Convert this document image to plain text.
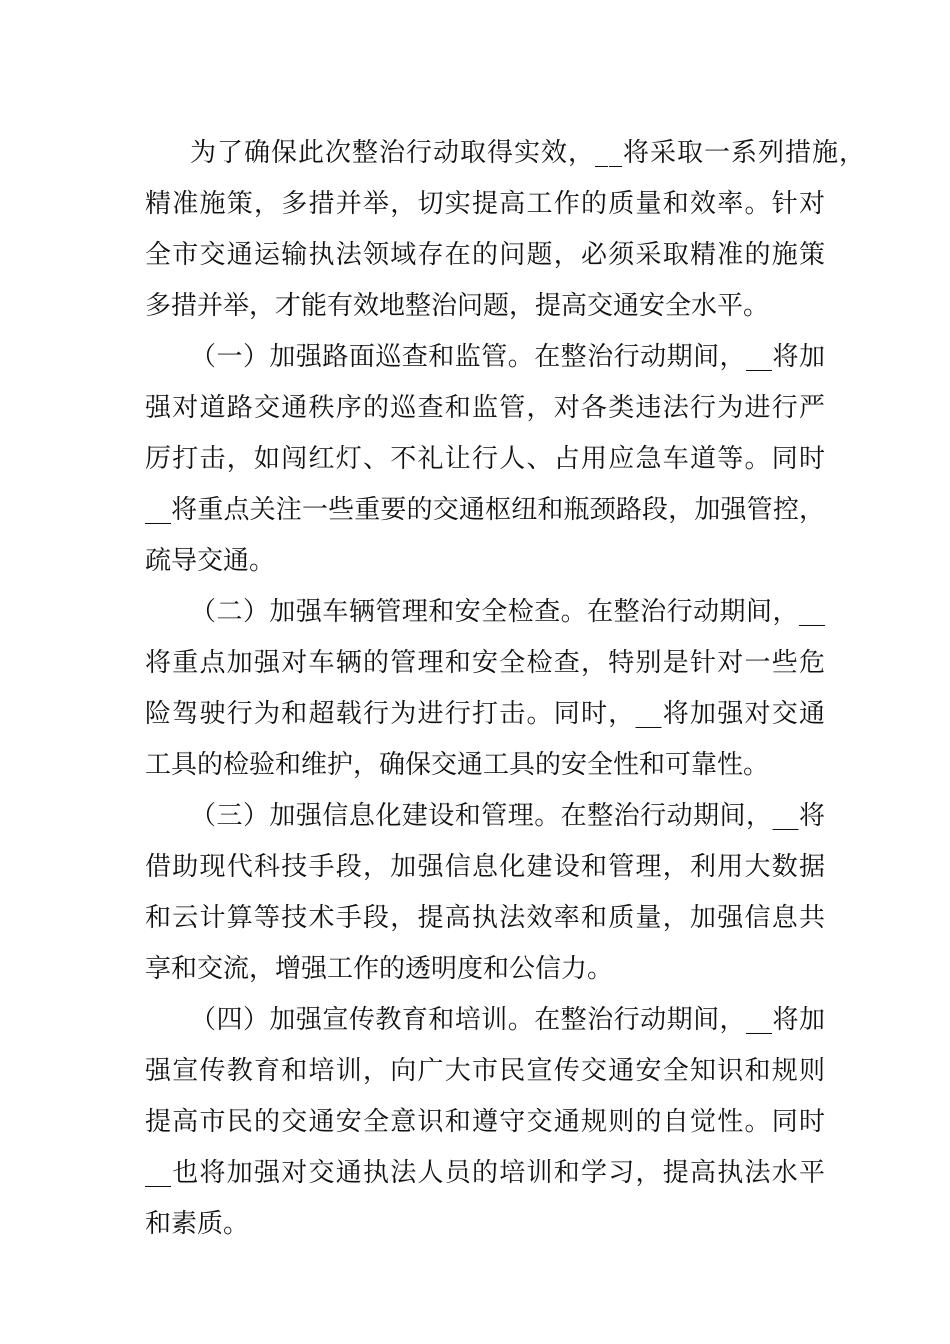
为了确保此次整治行动取得实效，__将采取一系列措施，
精准施策，多措并举，切实提高工作的质量和效率。针对
全市交通运输执法领域存在的问题，必须采取精准的施策
多措并举，才能有效地整治问题，提高交通安全水平。
（一）加强路面巡查和监管。在整治行动期间，__将加
强对道路交通秩序的巡查和监管，对各类违法行为进行严
厉打击，如闯红灯、不礼让行人、占用应急车道等。同时
__将重点关注一些重要的交通枢纽和瓶颈路段，加强管控，
疏导交通。
（二）加强车辆管理和安全检查。在整治行动期间，__
将重点加强对车辆的管理和安全检查，特别是针对一些危
险驾驶行为和超载行为进行打击。同时，__将加强对交通
工具的检验和维护，确保交通工具的安全性和可靠性。
（三）加强信息化建设和管理。在整治行动期间，__将
借助现代科技手段，加强信息化建设和管理，利用大数据
和云计算等技术手段，提高执法效率和质量，加强信息共
享和交流，增强工作的透明度和公信力。
（四）加强宣传教育和培训。在整治行动期间，__将加
强宣传教育和培训，向广大市民宣传交通安全知识和规则
提高市民的交通安全意识和遵守交通规则的自觉性。同时
__也将加强对交通执法人员的培训和学习，提高执法水平
和素质。
